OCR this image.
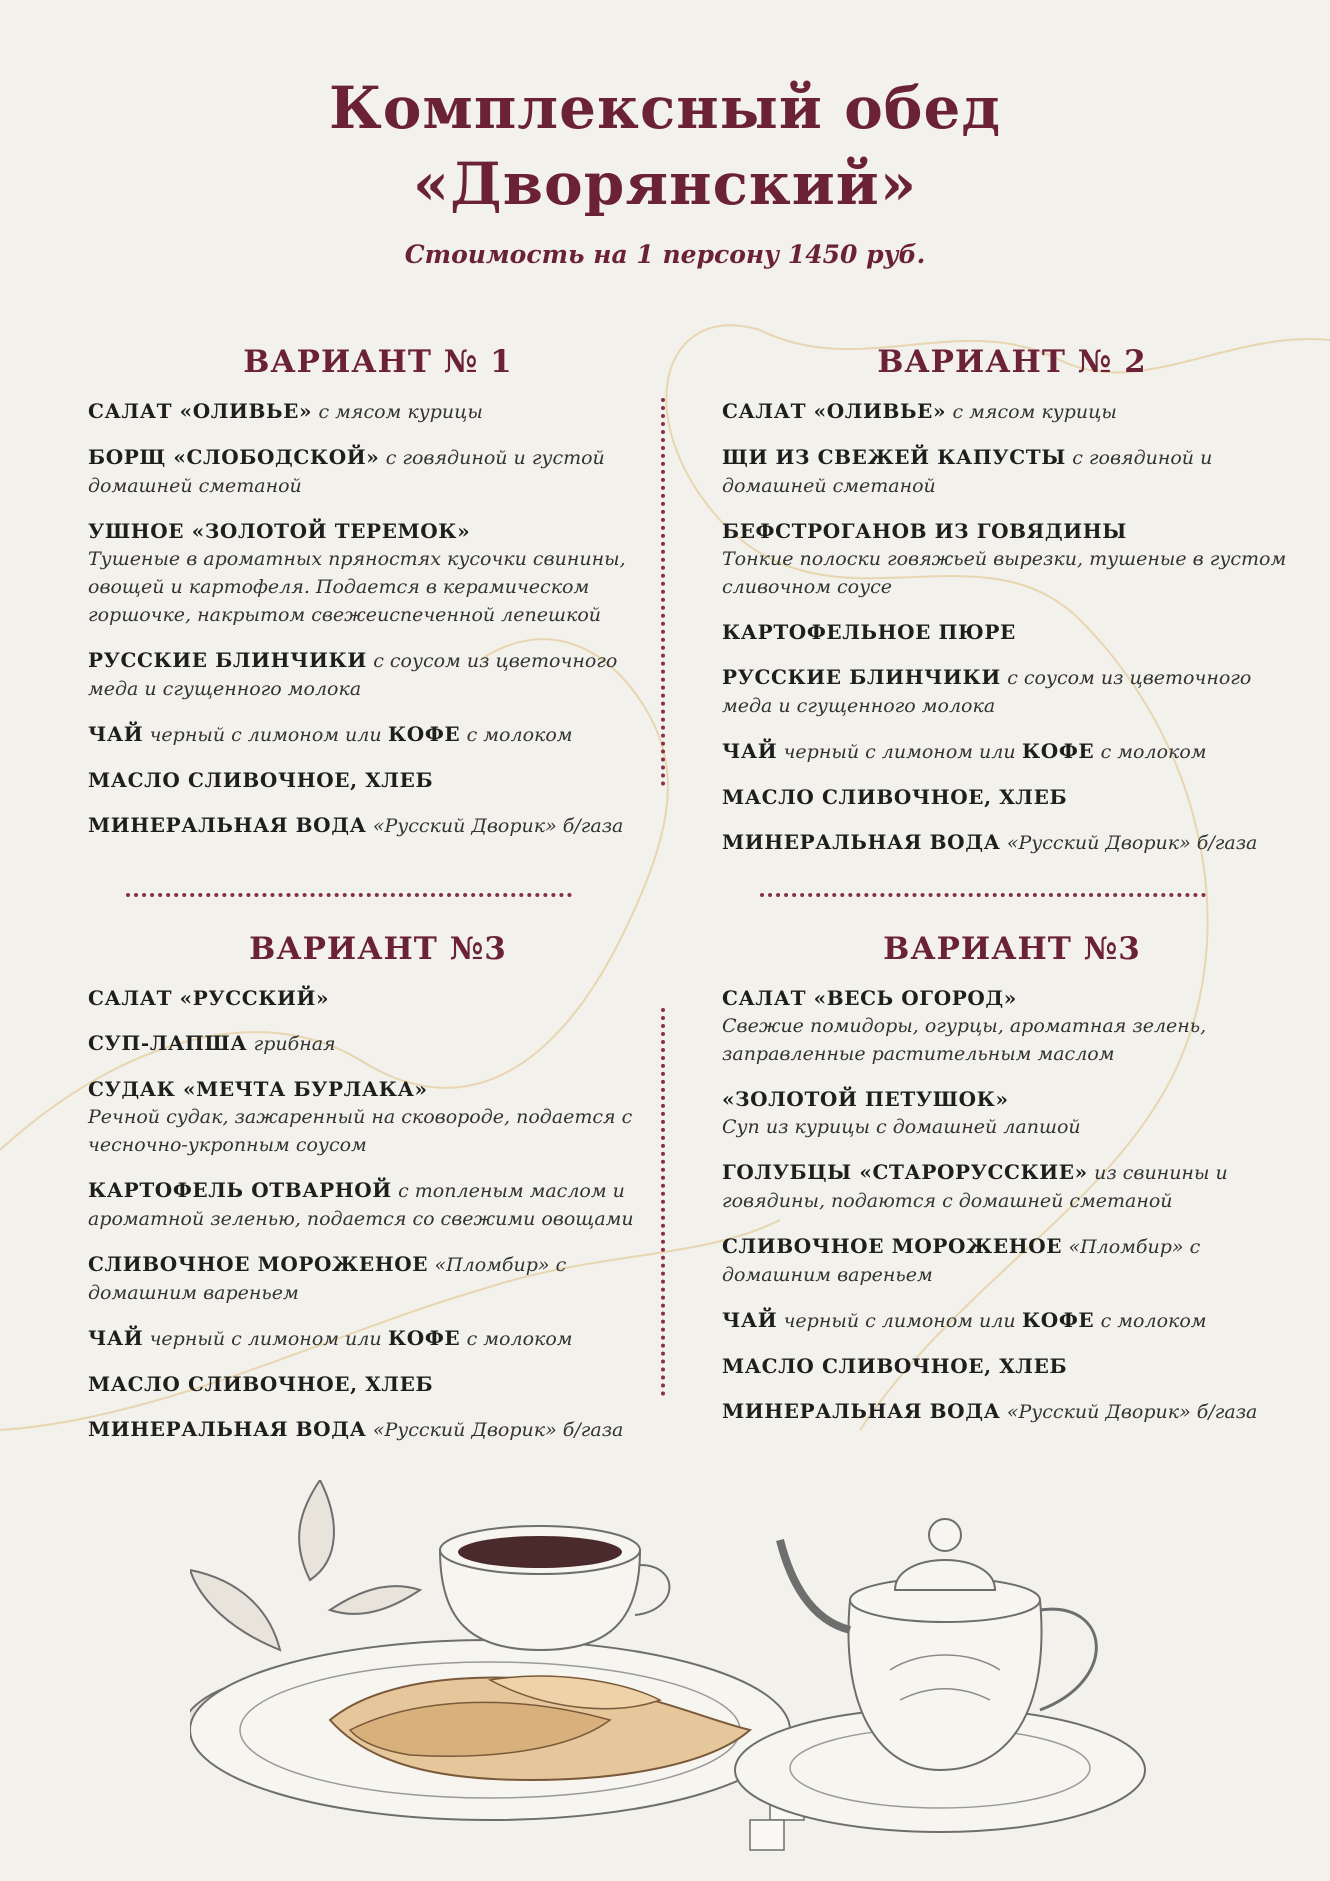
Комплексный обед
«Дворянский»
Стоимость на 1 персону 1450 руб.
ВАРИАНТ № 1
САЛАТ «ОЛИВЬЕ» с мясом курицы
БОРЩ «СЛОБОДСКОЙ» с говядиной и густой домашней сметаной
УШНОЕ «ЗОЛОТОЙ ТЕРЕМОК»
Тушеные в ароматных пряностях кусочки свинины, овощей и картофеля. Подается в керамическом горшочке, накрытом свежеиспеченной лепешкой
РУССКИЕ БЛИНЧИКИ с соусом из цветочного меда и сгущенного молока
ЧАЙ черный с лимоном или КОФЕ с молоком
МАСЛО СЛИВОЧНОЕ, ХЛЕБ
МИНЕРАЛЬНАЯ ВОДА «Русский Дворик» б/газа
ВАРИАНТ № 2
САЛАТ «ОЛИВЬЕ» с мясом курицы
ЩИ ИЗ СВЕЖЕЙ КАПУСТЫ с говядиной и домашней сметаной
БЕФСТРОГАНОВ ИЗ ГОВЯДИНЫ
Тонкие полоски говяжьей вырезки, тушеные в густом сливочном соусе
КАРТОФЕЛЬНОЕ ПЮРЕ
РУССКИЕ БЛИНЧИКИ с соусом из цветочного меда и сгущенного молока
ЧАЙ черный с лимоном или КОФЕ с молоком
МАСЛО СЛИВОЧНОЕ, ХЛЕБ
МИНЕРАЛЬНАЯ ВОДА «Русский Дворик» б/газа
ВАРИАНТ №3
САЛАТ «РУССКИЙ»
СУП-ЛАПША грибная
СУДАК «МЕЧТА БУРЛАКА»
Речной судак, зажаренный на сковороде, подается с чесночно-укропным соусом
КАРТОФЕЛЬ ОТВАРНОЙ с топленым маслом и ароматной зеленью, подается со свежими овощами
СЛИВОЧНОЕ МОРОЖЕНОЕ «Пломбир» с домашним вареньем
ЧАЙ черный с лимоном или КОФЕ с молоком
МАСЛО СЛИВОЧНОЕ, ХЛЕБ
МИНЕРАЛЬНАЯ ВОДА «Русский Дворик» б/газа
ВАРИАНТ №3
САЛАТ «ВЕСЬ ОГОРОД»
Свежие помидоры, огурцы, ароматная зелень, заправленные растительным маслом
«ЗОЛОТОЙ ПЕТУШОК»
Суп из курицы с домашней лапшой
ГОЛУБЦЫ «СТАРОРУССКИЕ» из свинины и говядины, подаются с домашней сметаной
СЛИВОЧНОЕ МОРОЖЕНОЕ «Пломбир» с домашним вареньем
ЧАЙ черный с лимоном или КОФЕ с молоком
МАСЛО СЛИВОЧНОЕ, ХЛЕБ
МИНЕРАЛЬНАЯ ВОДА «Русский Дворик» б/газа
